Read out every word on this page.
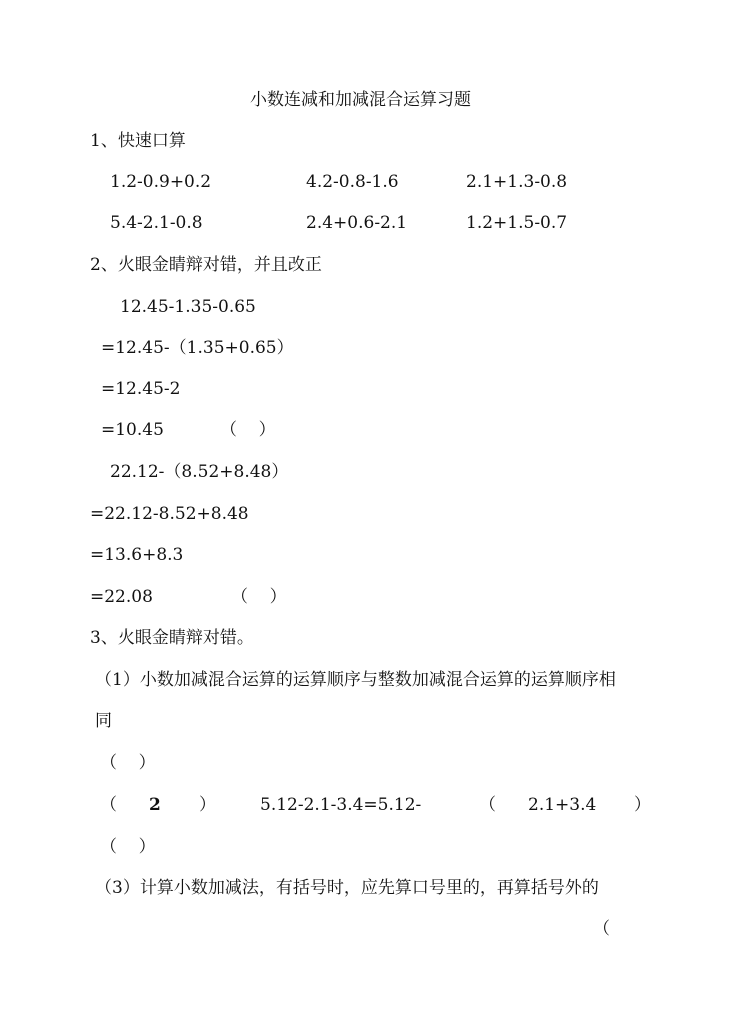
小数连减和加减混合运算习题
1、快速口算
1.2-0.9+0.2	4.2-0.8-1.6	2.1+1.3-0.8
5.4-2.1-0.8	2.4+0.6-2.1	1.2+1.5-0.7
2、火眼金睛辩对错，并且改正
12.45-1.35-0.65
=12.45-（1.35+0.65）
=12.45-2
=10.45	（    ）
22.12-（8.52+8.48）
=22.12-8.52+8.48
=13.6+8.3
=22.08	（    ）
3、火眼金睛辩对错。
（1）小数加减混合运算的运算顺序与整数加减混合运算的运算顺序相
同
（    ）
（ 2 ）	5.12-2.1-3.4=5.12-	（ 2.1+3.4 ）
（    ）
（3）计算小数加减法，有括号时，应先算口号里的，再算括号外的
（
